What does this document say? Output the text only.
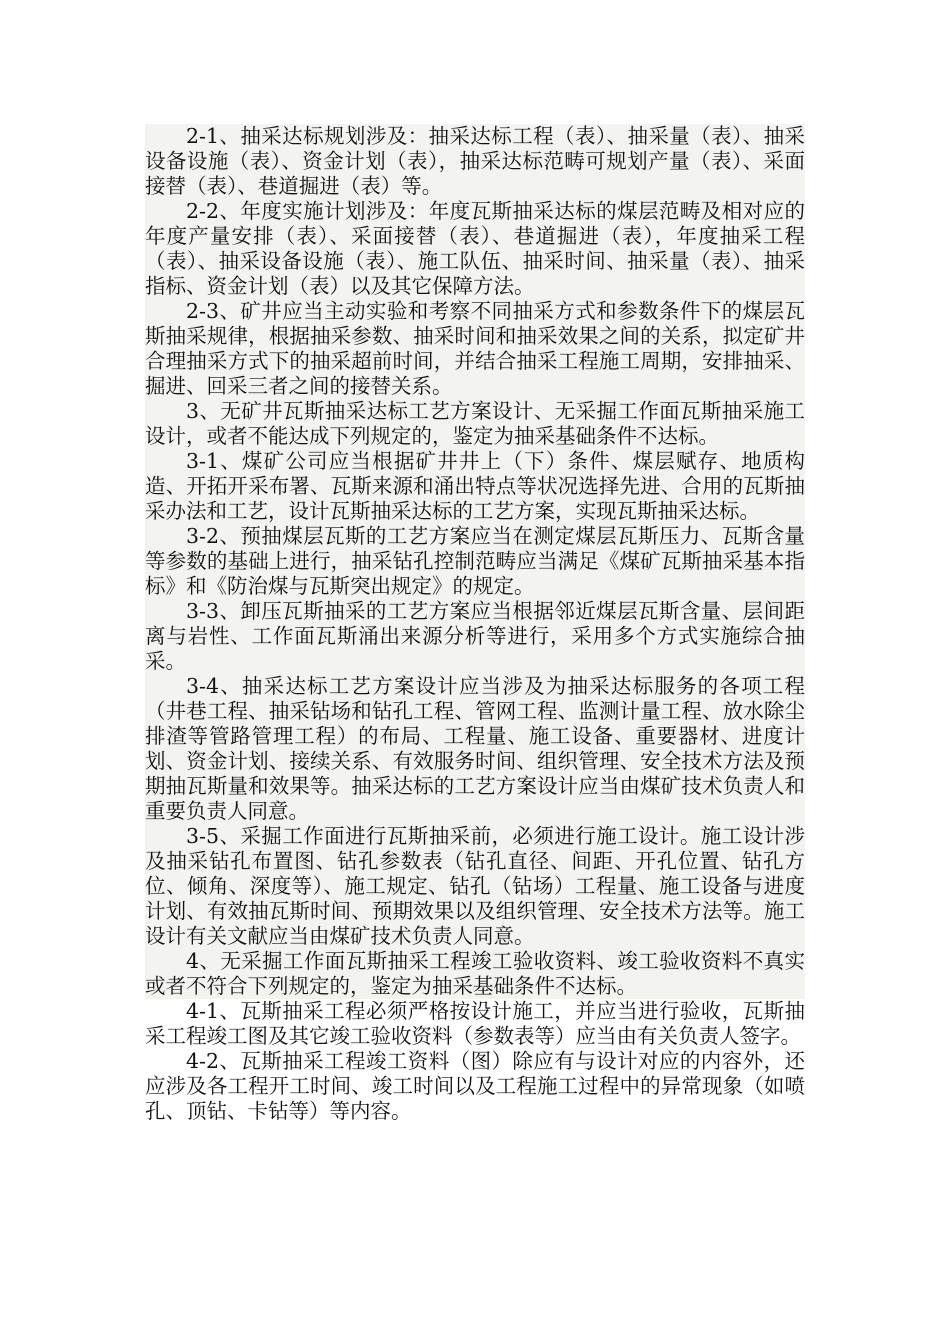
2-1、抽采达标规划涉及：抽采达标工程（表）、抽采量（表）、抽采设备设施（表）、资金计划（表），抽采达标范畴可规划产量（表）、采面接替（表）、巷道掘进（表）等。

2-2、年度实施计划涉及：年度瓦斯抽采达标的煤层范畴及相对应的年度产量安排（表）、采面接替（表）、巷道掘进（表），年度抽采工程（表）、抽采设备设施（表）、施工队伍、抽采时间、抽采量（表）、抽采指标、资金计划（表）以及其它保障方法。

2-3、矿井应当主动实验和考察不同抽采方式和参数条件下的煤层瓦斯抽采规律，根据抽采参数、抽采时间和抽采效果之间的关系，拟定矿井合理抽采方式下的抽采超前时间，并结合抽采工程施工周期，安排抽采、掘进、回采三者之间的接替关系。

3、无矿井瓦斯抽采达标工艺方案设计、无采掘工作面瓦斯抽采施工设计，或者不能达成下列规定的，鉴定为抽采基础条件不达标。

3-1、煤矿公司应当根据矿井井上（下）条件、煤层赋存、地质构造、开拓开采布署、瓦斯来源和涌出特点等状况选择先进、合用的瓦斯抽采办法和工艺，设计瓦斯抽采达标的工艺方案，实现瓦斯抽采达标。

3-2、预抽煤层瓦斯的工艺方案应当在测定煤层瓦斯压力、瓦斯含量等参数的基础上进行，抽采钻孔控制范畴应当满足《煤矿瓦斯抽采基本指标》和《防治煤与瓦斯突出规定》的规定。

3-3、卸压瓦斯抽采的工艺方案应当根据邻近煤层瓦斯含量、层间距离与岩性、工作面瓦斯涌出来源分析等进行，采用多个方式实施综合抽采。

3-4、抽采达标工艺方案设计应当涉及为抽采达标服务的各项工程（井巷工程、抽采钻场和钻孔工程、管网工程、监测计量工程、放水除尘排渣等管路管理工程）的布局、工程量、施工设备、重要器材、进度计划、资金计划、接续关系、有效服务时间、组织管理、安全技术方法及预期抽瓦斯量和效果等。抽采达标的工艺方案设计应当由煤矿技术负责人和重要负责人同意。

3-5、采掘工作面进行瓦斯抽采前，必须进行施工设计。施工设计涉及抽采钻孔布置图、钻孔参数表（钻孔直径、间距、开孔位置、钻孔方位、倾角、深度等）、施工规定、钻孔（钻场）工程量、施工设备与进度计划、有效抽瓦斯时间、预期效果以及组织管理、安全技术方法等。施工设计有关文献应当由煤矿技术负责人同意。

4、无采掘工作面瓦斯抽采工程竣工验收资料、竣工验收资料不真实或者不符合下列规定的，鉴定为抽采基础条件不达标。

4-1、瓦斯抽采工程必须严格按设计施工，并应当进行验收，瓦斯抽采工程竣工图及其它竣工验收资料（参数表等）应当由有关负责人签字。

4-2、瓦斯抽采工程竣工资料（图）除应有与设计对应的内容外，还应涉及各工程开工时间、竣工时间以及工程施工过程中的异常现象（如喷孔、顶钻、卡钻等）等内容。
